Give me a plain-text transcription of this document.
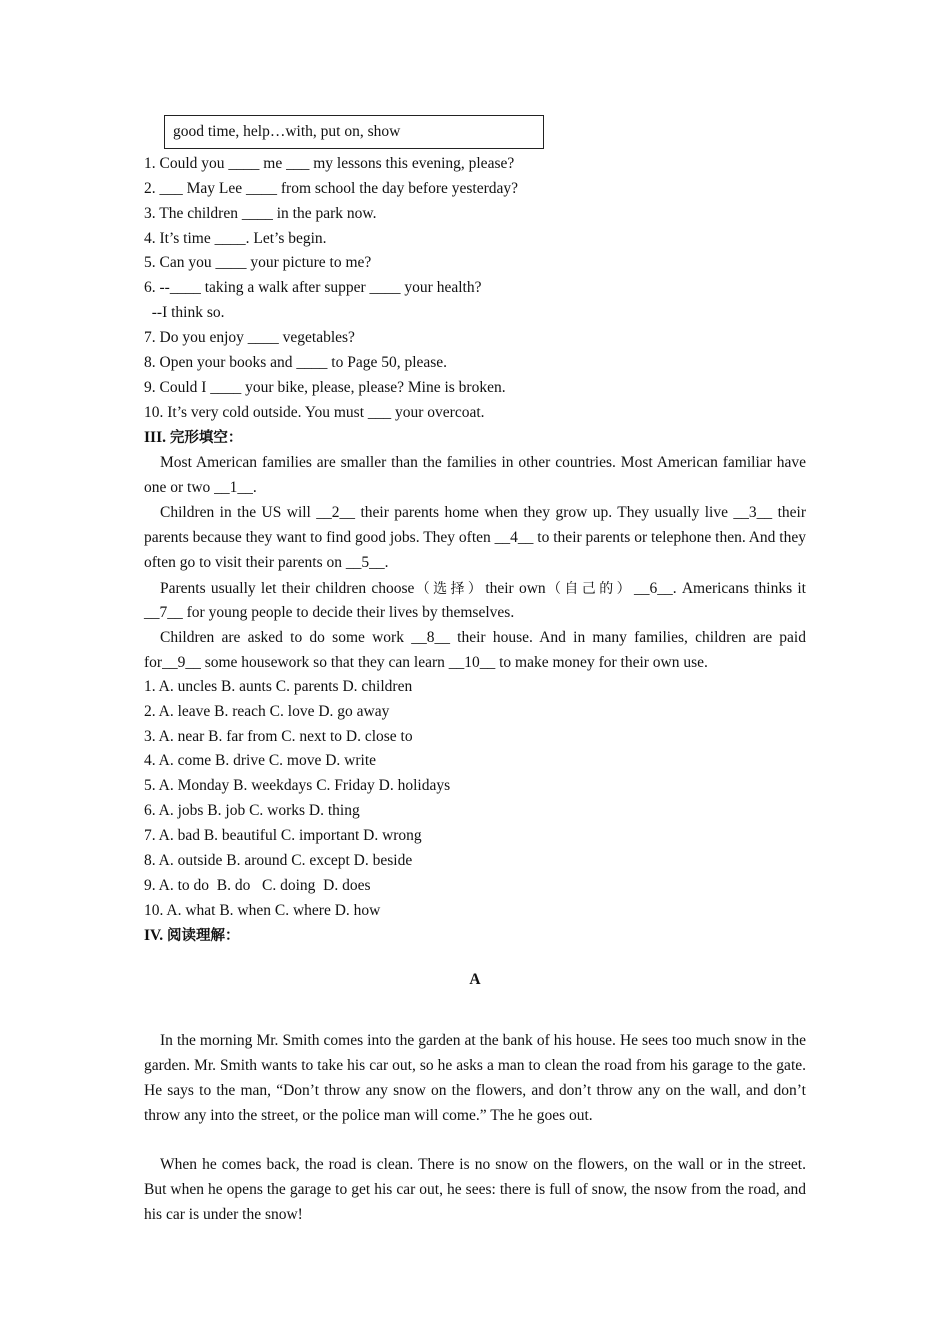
good time, help…with, put on, show
1. Could you ____ me ___ my lessons this evening, please?
2. ___ May Lee ____ from school the day before yesterday?
3. The children ____ in the park now.
4. It’s time ____. Let’s begin.
5. Can you ____ your picture to me?
6. --____ taking a walk after supper ____ your health?
--I think so.
7. Do you enjoy ____ vegetables?
8. Open your books and ____ to Page 50, please.
9. Could I ____ your bike, please, please? Mine is broken.
10. It’s very cold outside. You must ___ your overcoat.
III. 完形填空：

Most American families are smaller than the families in other countries. Most American familiar have one or two __1__.

Children in the US will __2__ their parents home when they grow up. They usually live __3__ their parents because they want to find good jobs. They often __4__ to their parents or telephone then. And they often go to visit their parents on __5__.

Parents usually let their children choose（选择）their own（自己的）__6__. Americans thinks it __7__ for young people to decide their lives by themselves.

Children are asked to do some work __8__ their house. And in many families, children are paid for__9__ some housework so that they can learn __10__ to make money for their own use.

1. A. uncles B. aunts C. parents D. children
2. A. leave B. reach C. love D. go away
3. A. near B. far from C. next to D. close to
4. A. come B. drive C. move D. write
5. A. Monday B. weekdays C. Friday D. holidays
6. A. jobs B. job C. works D. thing
7. A. bad B. beautiful C. important D. wrong
8. A. outside B. around C. except D. beside
9. A. to do  B. do   C. doing  D. does
10. A. what B. when C. where D. how
IV. 阅读理解：
A

In the morning Mr. Smith comes into the garden at the bank of his house. He sees too much snow in the garden. Mr. Smith wants to take his car out, so he asks a man to clean the road from his garage to the gate. He says to the man, “Don’t throw any snow on the flowers, and don’t throw any on the wall, and don’t throw any into the street, or the police man will come.” The he goes out.

When he comes back, the road is clean. There is no snow on the flowers, on the wall or in the street. But when he opens the garage to get his car out, he sees: there is full of snow, the nsow from the road, and his car is under the snow!
